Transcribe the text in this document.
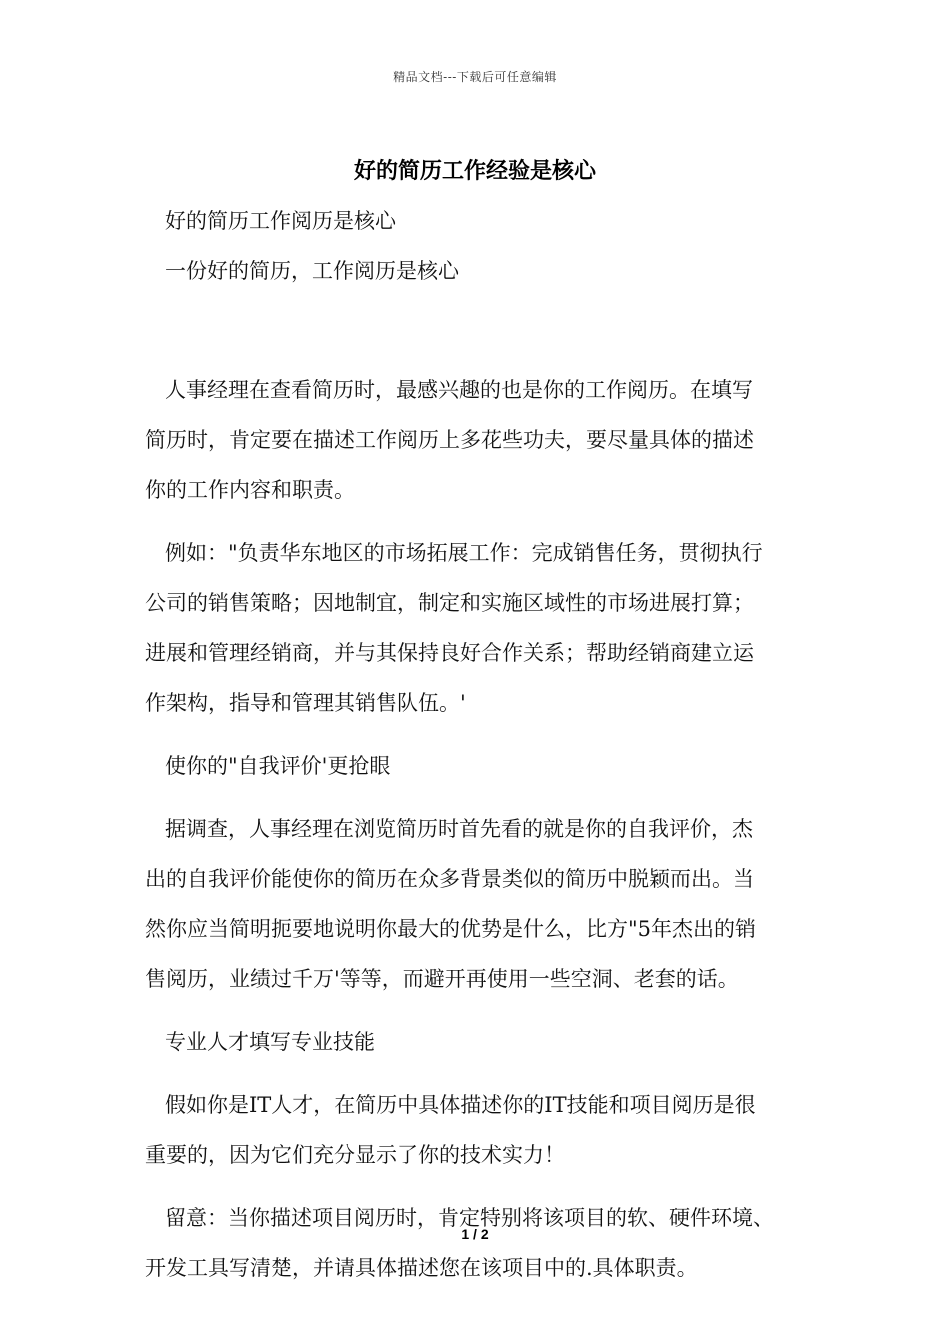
精品文档---下载后可任意编辑
好的简历工作经验是核心
好的简历工作阅历是核心
一份好的简历，工作阅历是核心
人事经理在查看简历时，最感兴趣的也是你的工作阅历。在填写
简历时，肯定要在描述工作阅历上多花些功夫，要尽量具体的描述
你的工作内容和职责。
例如："负责华东地区的市场拓展工作：完成销售任务，贯彻执行
公司的销售策略；因地制宜，制定和实施区域性的市场进展打算；
进展和管理经销商，并与其保持良好合作关系；帮助经销商建立运
作架构，指导和管理其销售队伍。'
使你的"自我评价'更抢眼
据调查，人事经理在浏览简历时首先看的就是你的自我评价，杰
出的自我评价能使你的简历在众多背景类似的简历中脱颖而出。当
然你应当简明扼要地说明你最大的优势是什么，比方"5年杰出的销
售阅历，业绩过千万'等等，而避开再使用一些空洞、老套的话。
专业人才填写专业技能
假如你是IT人才，在简历中具体描述你的IT技能和项目阅历是很
重要的，因为它们充分显示了你的技术实力！
留意：当你描述项目阅历时，肯定特别将该项目的软、硬件环境、
开发工具写清楚，并请具体描述您在该项目中的.具体职责。
1 / 2
